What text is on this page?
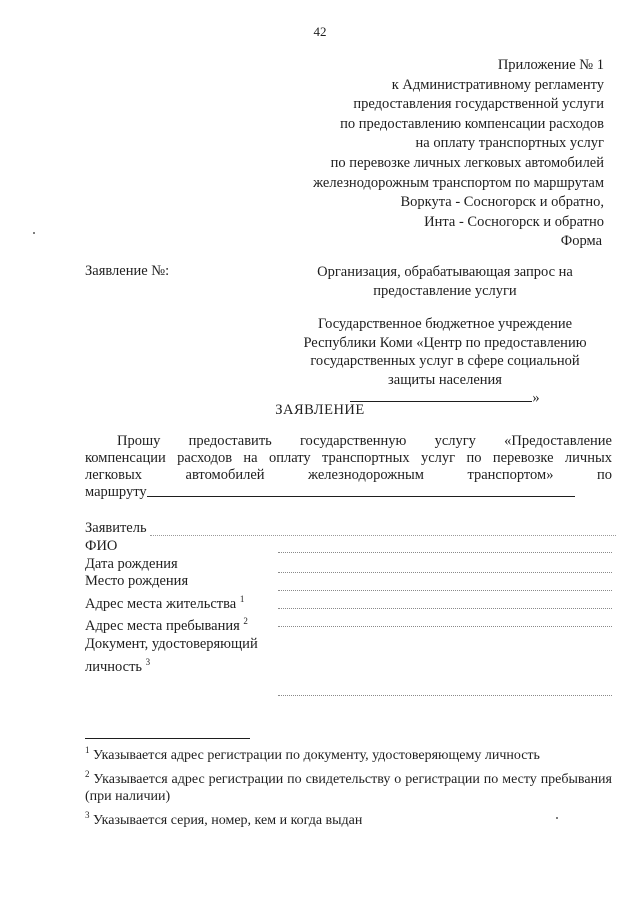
42
Приложение № 1
к Административному регламенту
предоставления государственной услуги
по предоставлению компенсации расходов
на оплату транспортных услуг
по перевозке личных легковых автомобилей
железнодорожным транспортом по маршрутам
Воркута - Сосногорск и обратно,
Инта - Сосногорск и обратно
Форма
Заявление №:	Организация, обрабатывающая запрос на
предоставление услуги
Государственное бюджетное учреждение
Республики Коми «Центр по предоставлению
государственных услуг в сфере социальной
защиты населения »
ЗАЯВЛЕНИЕ
Прошу предоставить государственную услугу «Предоставление
компенсации расходов на оплату транспортных услуг по перевозке личных
легковых	автомобилей	железнодорожным	транспортом»	по
маршруту
Заявитель
ФИО
Дата рождения
Место рождения
Адрес места жительства $^1$
Адрес места пребывания $^2$
Документ, удостоверяющий
личность $^3$
$^1$ Указывается адрес регистрации по документу, удостоверяющему личность
$^2$ Указывается адрес регистрации по свидетельству о регистрации по месту пребывания (при наличии)
$^3$ Указывается серия, номер, кем и когда выдан
